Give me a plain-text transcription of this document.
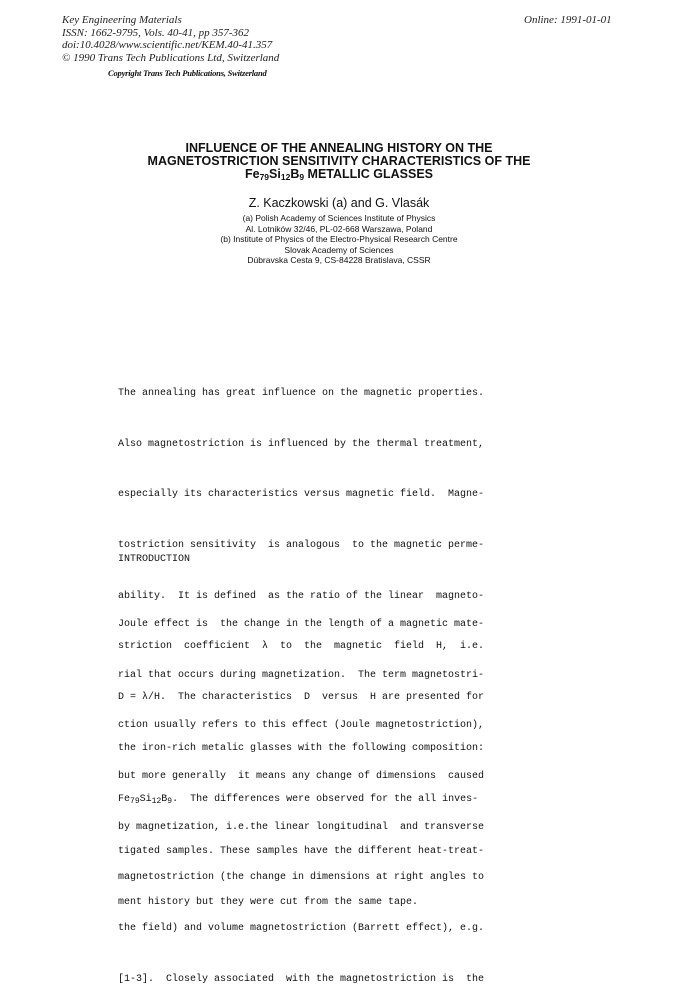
Key Engineering Materials
ISSN: 1662-9795, Vols. 40-41, pp 357-362
doi:10.4028/www.scientific.net/KEM.40-41.357
© 1990 Trans Tech Publications Ltd, Switzerland
Online: 1991-01-01
Copyright Trans Tech Publications, Switzerland
INFLUENCE OF THE ANNEALING HISTORY ON THE
MAGNETOSTRICTION SENSITIVITY CHARACTERISTICS OF THE
$Fe_{79}Si_{12}B_9$ METALLIC GLASSES
Z. Kaczkowski (a) and G. Vlasák
(a) Polish Academy of Sciences Institute of Physics
Al. Lotników 32/46, PL-02-668 Warszawa, Poland
(b) Institute of Physics of the Electro-Physical Research Centre
Slovak Academy of Sciences
Dúbravska Cesta 9, CS-84228 Bratislava, CSSR

The annealing has great influence on the magnetic properties.

Also magnetostriction is influenced by the thermal treatment,

especially its characteristics versus magnetic field.  Magne-

tostriction sensitivity  is analogous  to the magnetic perme-

ability.  It is defined  as the ratio of the linear  magneto-

striction  coefficient  λ  to  the  magnetic  field  H,  i.e.

D = λ/H.  The characteristics  D  versus  H are presented for

the iron-rich metalic glasses with the following composition:

$Fe_{79}Si_{12}B_9$.  The differences were observed for the all inves-

tigated samples. These samples have the different heat-treat-

ment history but they were cut from the same tape.

INTRODUCTION

Joule effect is  the change in the length of a magnetic mate-

rial that occurs during magnetization.  The term magnetostri-

ction usually refers to this effect (Joule magnetostriction),

but more generally  it means any change of dimensions  caused

by magnetization, i.e.the linear longitudinal  and transverse

magnetostriction (the change in dimensions at right angles to

the field) and volume magnetostriction (Barrett effect), e.g.

[1-3].  Closely associated  with the magnetostriction is  the
